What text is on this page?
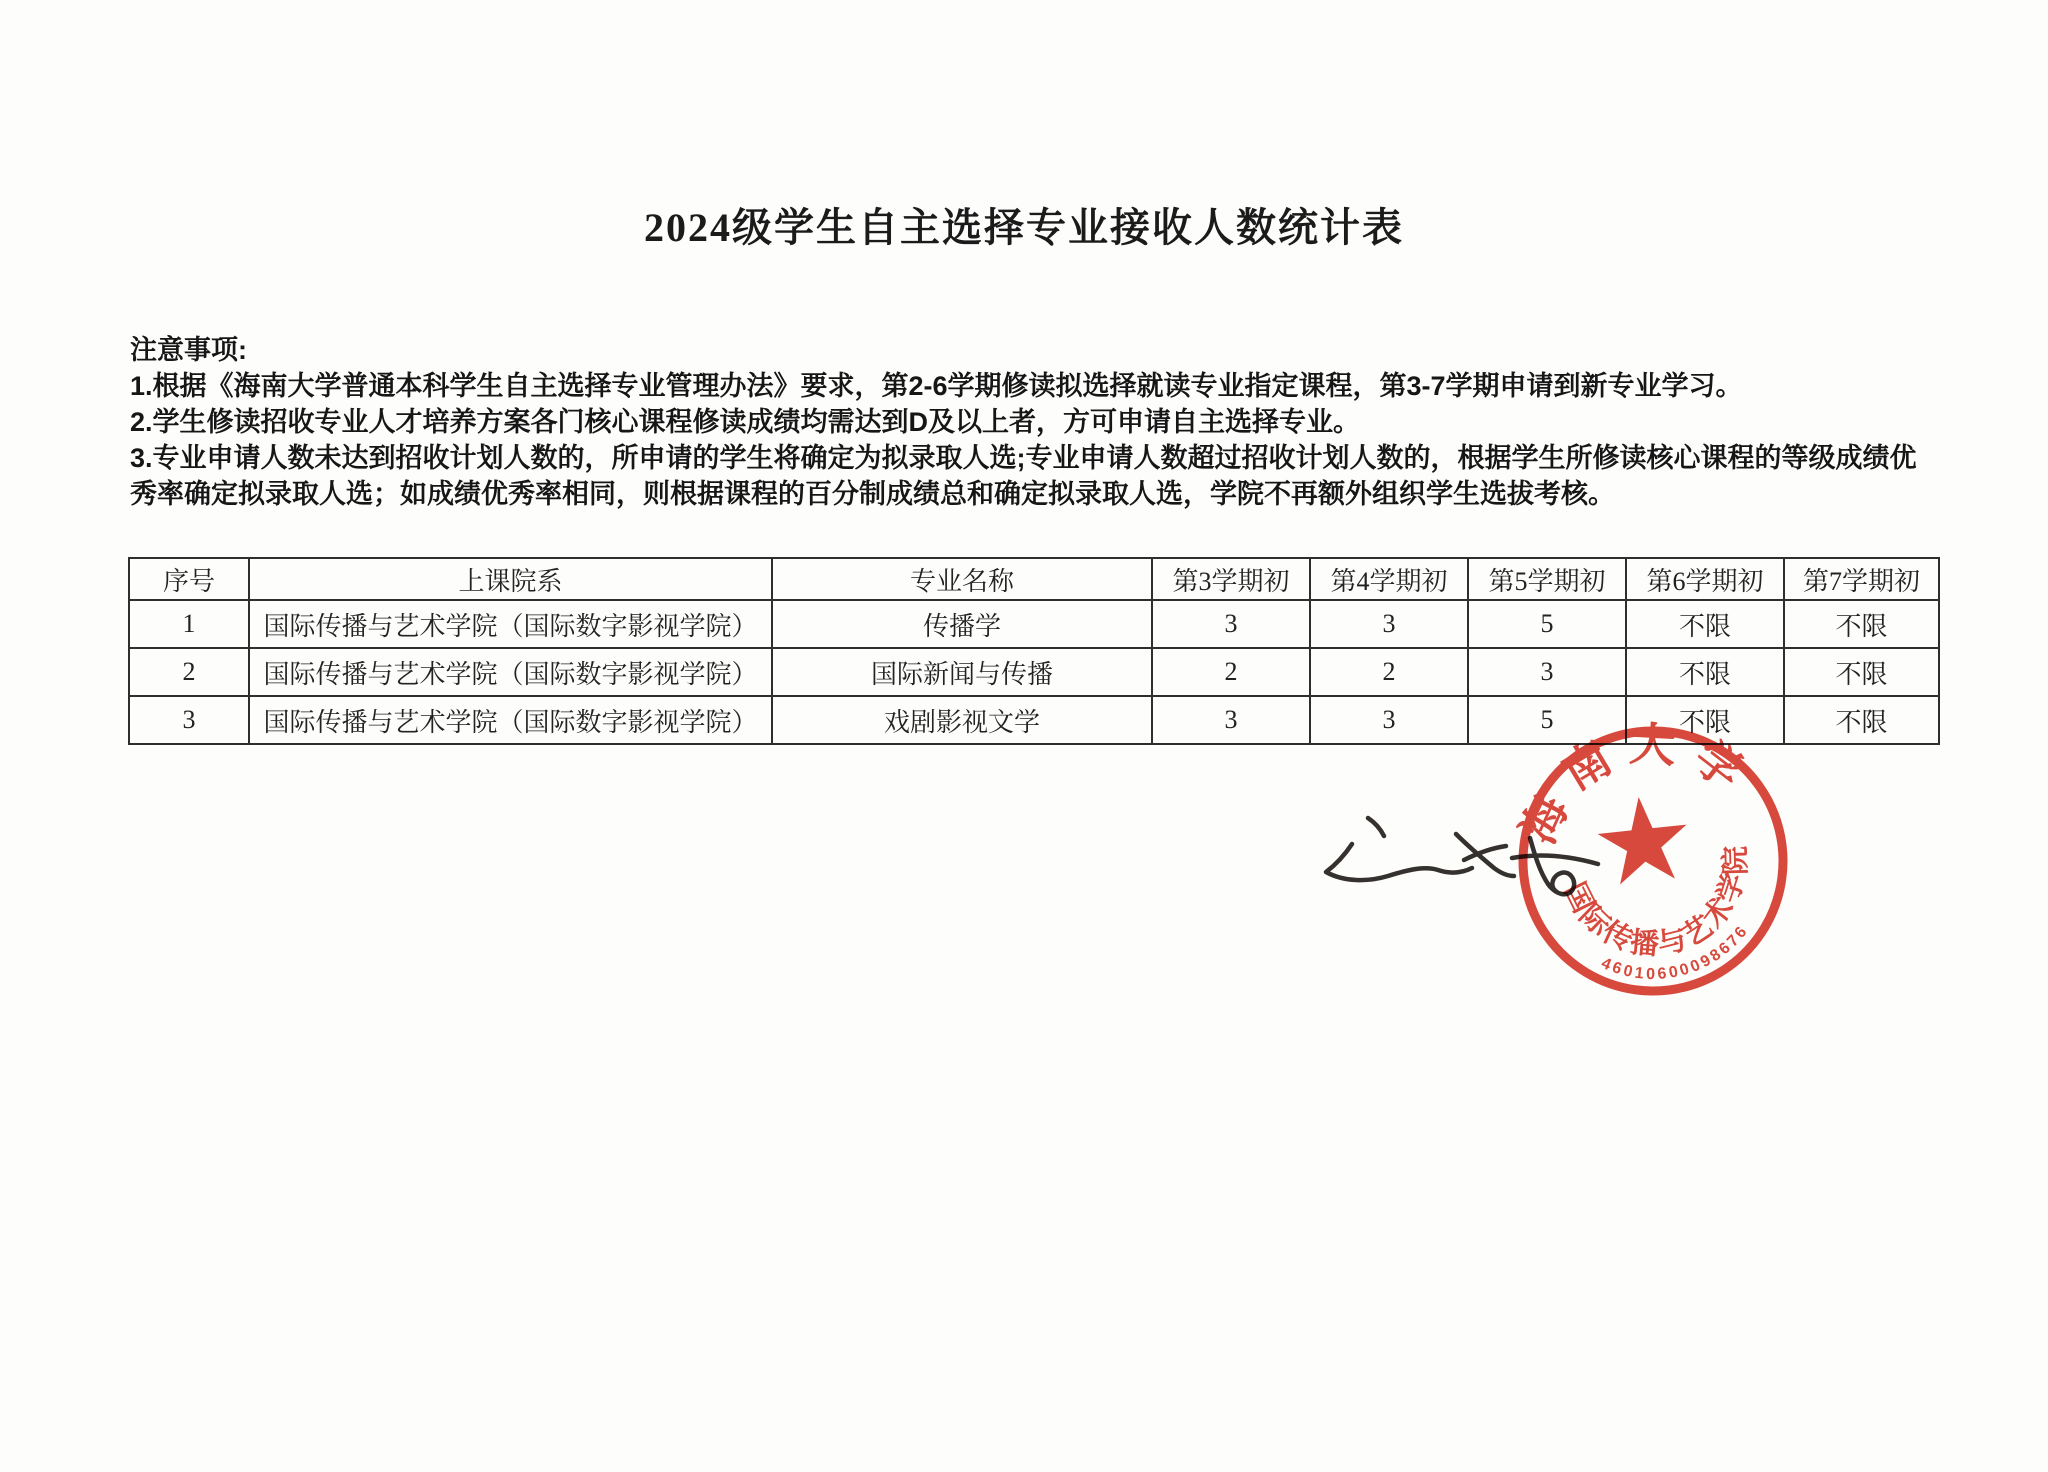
2024级学生自主选择专业接收人数统计表

注意事项:

1.根据《海南大学普通本科学生自主选择专业管理办法》要求，第2-6学期修读拟选择就读专业指定课程，第3-7学期申请到新专业学习。

2.学生修读招收专业人才培养方案各门核心课程修读成绩均需达到D及以上者，方可申请自主选择专业。

3.专业申请人数未达到招收计划人数的，所申请的学生将确定为拟录取人选;专业申请人数超过招收计划人数的，根据学生所修读核心课程的等级成绩优秀率确定拟录取人选；如成绩优秀率相同，则根据课程的百分制成绩总和确定拟录取人选，学院不再额外组织学生选拔考核。

序号	上课院系	专业名称	第3学期初	第4学期初	第5学期初	第6学期初	第7学期初
1	国际传播与艺术学院（国际数字影视学院）	传播学	3	3	5	不限	不限
2	国际传播与艺术学院（国际数字影视学院）	国际新闻与传播	2	2	3	不限	不限
3	国际传播与艺术学院（国际数字影视学院）	戏剧影视文学	3	3	5	不限	不限
海南大学
国际传播与艺术学院
46010600098676
